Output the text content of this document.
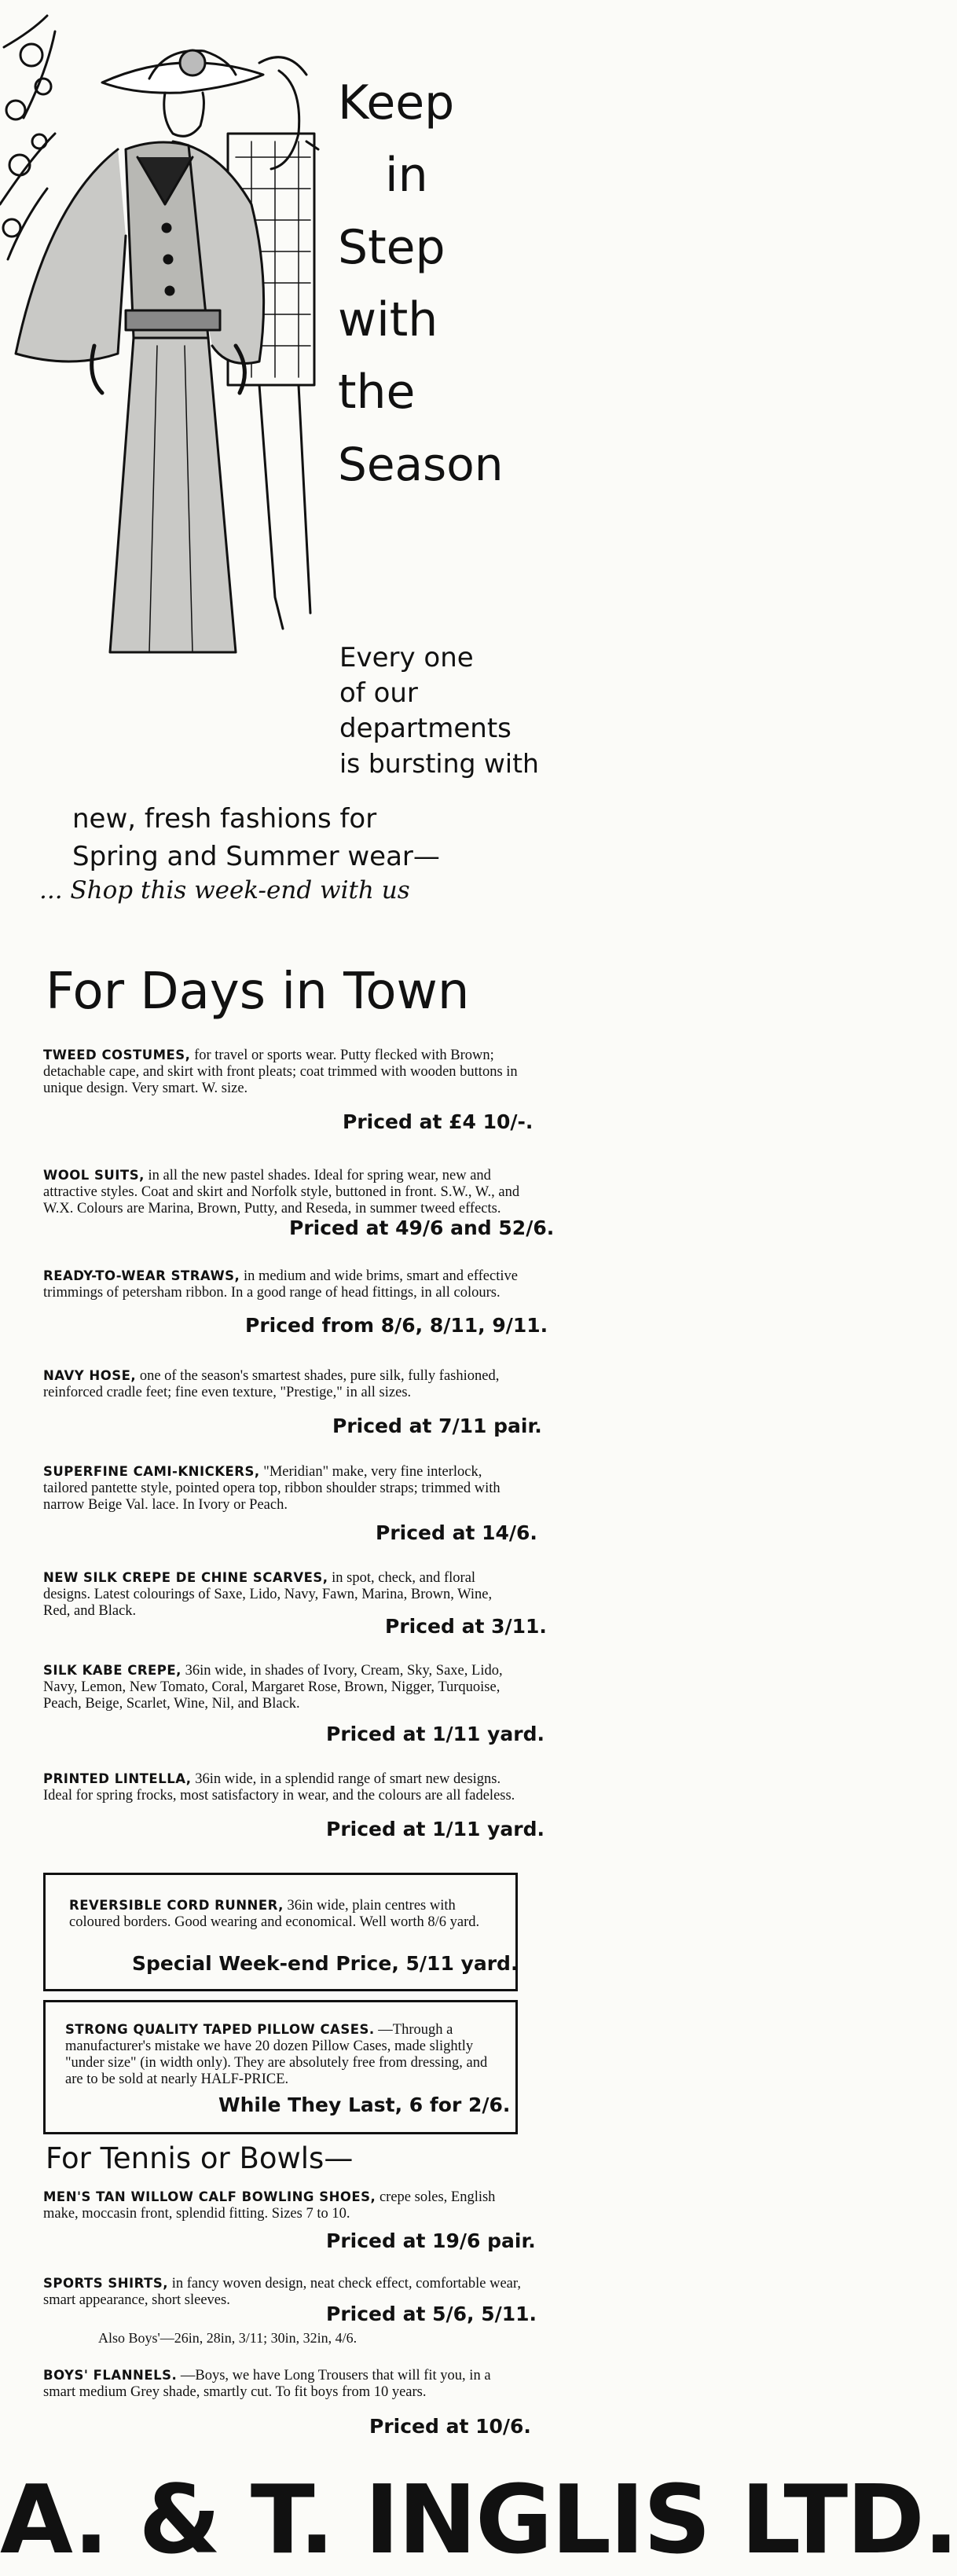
Keep
in
Step
with
the
Season
Every one
of our
departments
is bursting with
new, fresh fashions for
Spring and Summer wear—
... Shop this week-end with us
For Days in Town
TWEED COSTUMES, for travel or sports wear. Putty flecked with Brown; detachable cape, and skirt with front pleats; coat trimmed with wooden buttons in unique design. Very smart. W. size.
Priced at £4 10/-.
WOOL SUITS, in all the new pastel shades. Ideal for spring wear, new and attractive styles. Coat and skirt and Norfolk style, buttoned in front. S.W., W., and W.X. Colours are Marina, Brown, Putty, and Reseda, in summer tweed effects.
Priced at 49/6 and 52/6.
READY-TO-WEAR STRAWS, in medium and wide brims, smart and effective trimmings of petersham ribbon. In a good range of head fittings, in all colours.
Priced from 8/6, 8/11, 9/11.
NAVY HOSE, one of the season's smartest shades, pure silk, fully fashioned, reinforced cradle feet; fine even texture, "Prestige," in all sizes.
Priced at 7/11 pair.
SUPERFINE CAMI-KNICKERS, "Meridian" make, very fine interlock, tailored pantette style, pointed opera top, ribbon shoulder straps; trimmed with narrow Beige Val. lace. In Ivory or Peach.
Priced at 14/6.
NEW SILK CREPE DE CHINE SCARVES, in spot, check, and floral designs. Latest colourings of Saxe, Lido, Navy, Fawn, Marina, Brown, Wine, Red, and Black.
Priced at 3/11.
SILK KABE CREPE, 36in wide, in shades of Ivory, Cream, Sky, Saxe, Lido, Navy, Lemon, New Tomato, Coral, Margaret Rose, Brown, Nigger, Turquoise, Peach, Beige, Scarlet, Wine, Nil, and Black.
Priced at 1/11 yard.
PRINTED LINTELLA, 36in wide, in a splendid range of smart new designs. Ideal for spring frocks, most satisfactory in wear, and the colours are all fadeless.
Priced at 1/11 yard.
REVERSIBLE CORD RUNNER, 36in wide, plain centres with coloured borders. Good wearing and economical. Well worth 8/6 yard.
Special Week-end Price, 5/11 yard.
STRONG QUALITY TAPED PILLOW CASES. —Through a manufacturer's mistake we have 20 dozen Pillow Cases, made slightly "under size" (in width only). They are absolutely free from dressing, and are to be sold at nearly HALF-PRICE.
While They Last, 6 for 2/6.
For Tennis or Bowls—
MEN'S TAN WILLOW CALF BOWLING SHOES, crepe soles, English make, moccasin front, splendid fitting. Sizes 7 to 10.
Priced at 19/6 pair.
SPORTS SHIRTS, in fancy woven design, neat check effect, comfortable wear, smart appearance, short sleeves.
Priced at 5/6, 5/11.
Also Boys'—26in, 28in, 3/11; 30in, 32in, 4/6.
BOYS' FLANNELS. —Boys, we have Long Trousers that will fit you, in a smart medium Grey shade, smartly cut. To fit boys from 10 years.
Priced at 10/6.
A. & T. INGLIS LTD.
